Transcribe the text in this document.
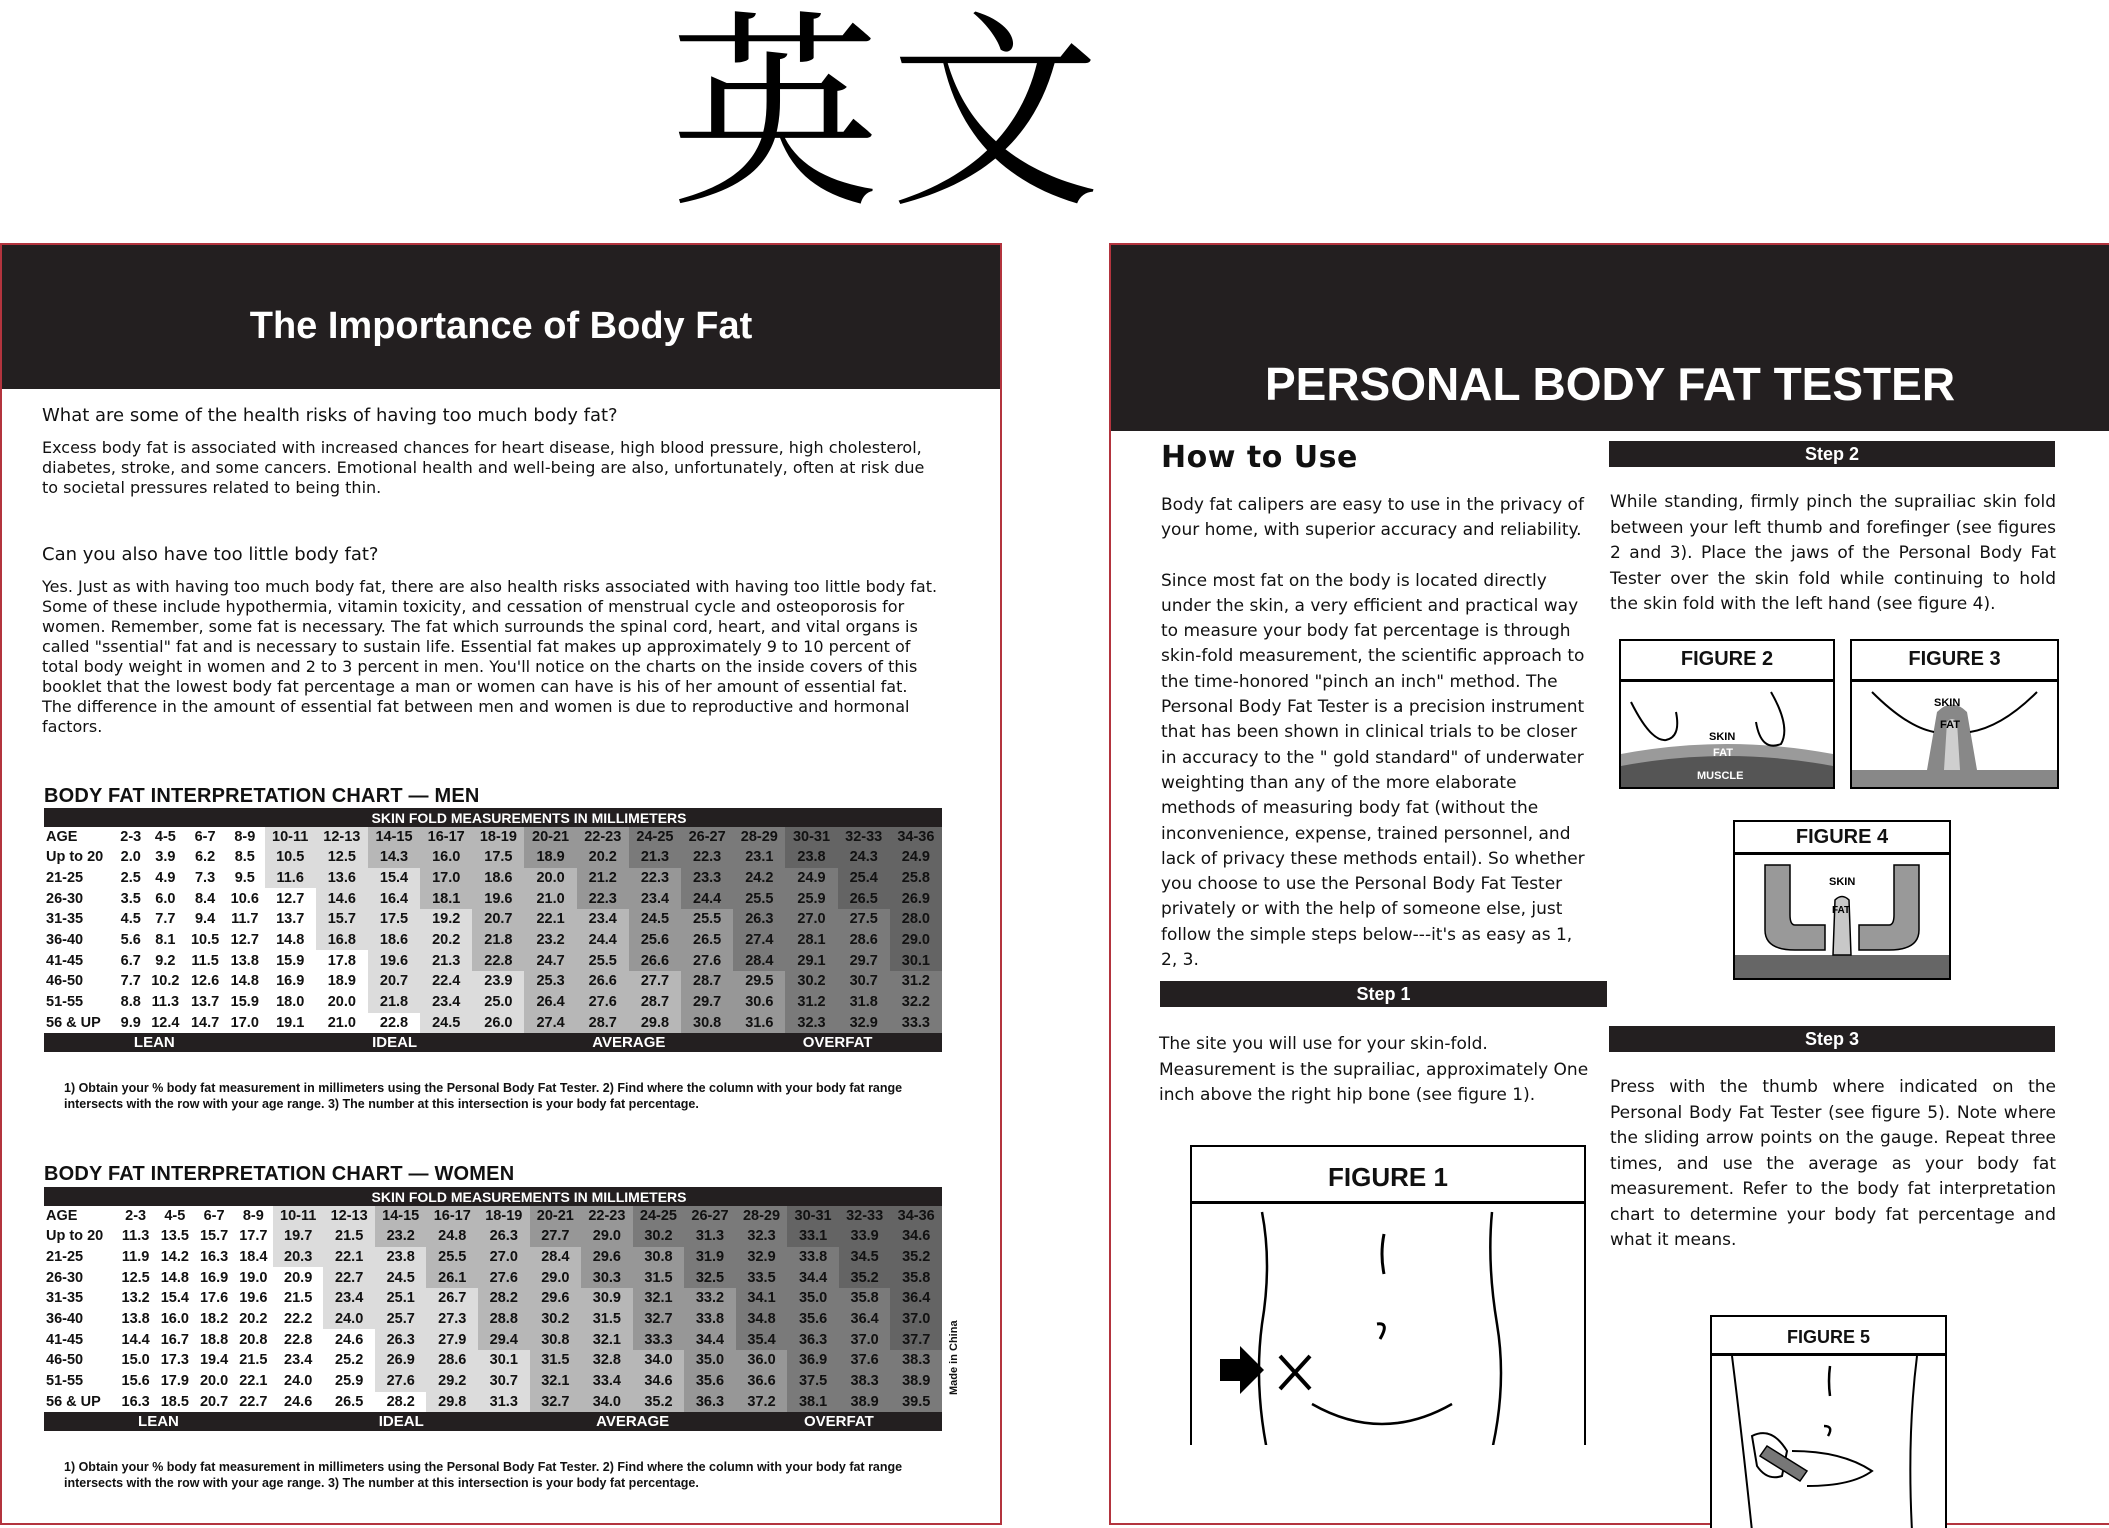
英文
The Importance of Body Fat

What are some of the health risks of having too much body fat?

Excess body fat is associated with increased chances for heart disease, high blood pressure, high cholesterol, diabetes, stroke, and some cancers. Emotional health and well-being are also, unfortunately, often at risk due to societal pressures related to being thin.

Can you also have too little body fat?

Yes. Just as with having too much body fat, there are also health risks associated with having too little body fat. Some of these include hypothermia, vitamin toxicity, and cessation of menstrual cycle and osteoporosis for women. Remember, some fat is necessary. The fat which surrounds the spinal cord, heart, and vital organs is called "ssential" fat and is necessary to sustain life. Essential fat makes up approximately 9 to 10 percent of total body weight in women and 2 to 3 percent in men. You'll notice on the charts on the inside covers of this booklet that the lowest body fat percentage a man or women can have is his of her amount of essential fat. The difference in the amount of essential fat between men and women is due to reproductive and hormonal factors.

BODY FAT INTERPRETATION CHART — MEN
	SKIN FOLD MEASUREMENTS IN MILLIMETERS																
AGE	2-3	4-5	6-7	8-9	10-11	12-13	14-15	16-17	18-19	20-21	22-23	24-25	26-27	28-29	30-31	32-33	34-36
Up to 20	2.0	3.9	6.2	8.5	10.5	12.5	14.3	16.0	17.5	18.9	20.2	21.3	22.3	23.1	23.8	24.3	24.9
21-25	2.5	4.9	7.3	9.5	11.6	13.6	15.4	17.0	18.6	20.0	21.2	22.3	23.3	24.2	24.9	25.4	25.8
26-30	3.5	6.0	8.4	10.6	12.7	14.6	16.4	18.1	19.6	21.0	22.3	23.4	24.4	25.5	25.9	26.5	26.9
31-35	4.5	7.7	9.4	11.7	13.7	15.7	17.5	19.2	20.7	22.1	23.4	24.5	25.5	26.3	27.0	27.5	28.0
36-40	5.6	8.1	10.5	12.7	14.8	16.8	18.6	20.2	21.8	23.2	24.4	25.6	26.5	27.4	28.1	28.6	29.0
41-45	6.7	9.2	11.5	13.8	15.9	17.8	19.6	21.3	22.8	24.7	25.5	26.6	27.6	28.4	29.1	29.7	30.1
46-50	7.7	10.2	12.6	14.8	16.9	18.9	20.7	22.4	23.9	25.3	26.6	27.7	28.7	29.5	30.2	30.7	31.2
51-55	8.8	11.3	13.7	15.9	18.0	20.0	21.8	23.4	25.0	26.4	27.6	28.7	29.7	30.6	31.2	31.8	32.2
56 & UP	9.9	12.4	14.7	17.0	19.1	21.0	22.8	24.5	26.0	27.4	28.7	29.8	30.8	31.6	32.3	32.9	33.3
LEAN					IDEAL					AVERAGE				OVERFAT			
1) Obtain your % body fat measurement in millimeters using the Personal Body Fat Tester. 2) Find where the column with your body fat range intersects with the row with your age range. 3) The number at this intersection is your body fat percentage.
BODY FAT INTERPRETATION CHART — WOMEN
	SKIN FOLD MEASUREMENTS IN MILLIMETERS																
AGE	2-3	4-5	6-7	8-9	10-11	12-13	14-15	16-17	18-19	20-21	22-23	24-25	26-27	28-29	30-31	32-33	34-36
Up to 20	11.3	13.5	15.7	17.7	19.7	21.5	23.2	24.8	26.3	27.7	29.0	30.2	31.3	32.3	33.1	33.9	34.6
21-25	11.9	14.2	16.3	18.4	20.3	22.1	23.8	25.5	27.0	28.4	29.6	30.8	31.9	32.9	33.8	34.5	35.2
26-30	12.5	14.8	16.9	19.0	20.9	22.7	24.5	26.1	27.6	29.0	30.3	31.5	32.5	33.5	34.4	35.2	35.8
31-35	13.2	15.4	17.6	19.6	21.5	23.4	25.1	26.7	28.2	29.6	30.9	32.1	33.2	34.1	35.0	35.8	36.4
36-40	13.8	16.0	18.2	20.2	22.2	24.0	25.7	27.3	28.8	30.2	31.5	32.7	33.8	34.8	35.6	36.4	37.0
41-45	14.4	16.7	18.8	20.8	22.8	24.6	26.3	27.9	29.4	30.8	32.1	33.3	34.4	35.4	36.3	37.0	37.7
46-50	15.0	17.3	19.4	21.5	23.4	25.2	26.9	28.6	30.1	31.5	32.8	34.0	35.0	36.0	36.9	37.6	38.3
51-55	15.6	17.9	20.0	22.1	24.0	25.9	27.6	29.2	30.7	32.1	33.4	34.6	35.6	36.6	37.5	38.3	38.9
56 & UP	16.3	18.5	20.7	22.7	24.6	26.5	28.2	29.8	31.3	32.7	34.0	35.2	36.3	37.2	38.1	38.9	39.5
LEAN					IDEAL					AVERAGE				OVERFAT			
1) Obtain your % body fat measurement in millimeters using the Personal Body Fat Tester. 2) Find where the column with your body fat range intersects with the row with your age range. 3) The number at this intersection is your body fat percentage.
Made in China
PERSONAL BODY FAT TESTER
How to Use

Body fat calipers are easy to use in the privacy of your home, with superior accuracy and reliability.

Since most fat on the body is located directly under the skin, a very efficient and practical way to measure your body fat percentage is through skin-fold measurement, the scientific approach to the time-honored "pinch an inch" method. The Personal Body Fat Tester is a precision instrument that has been shown in clinical trials to be closer in accuracy to the " gold standard" of underwater weighting than any of the more elaborate methods of measuring body fat (without the inconvenience, expense, trained personnel, and lack of privacy these methods entail). So whether you choose to use the Personal Body Fat Tester privately or with the help of someone else, just follow the simple steps below---it's as easy as 1, 2, 3.

Step 2
While standing, firmly pinch the suprailiac skin fold between your left thumb and forefinger (see figures 2 and 3). Place the jaws of the Personal Body Fat Tester over the skin fold while continuing to hold the skin fold with the left hand (see figure 4).
Step 1
The site you will use for your skin-fold. Measurement is the suprailiac, approximately One inch above the right hip bone (see figure 1).
Step 3
Press with the thumb where indicated on the Personal Body Fat Tester (see figure 5). Note where the sliding arrow points on the gauge. Repeat three times, and use the average as your body fat measurement. Refer to the body fat interpretation chart to determine your body fat percentage and what it means.
FIGURE 2
SKIN
FAT
MUSCLE
FIGURE 3
SKIN
FAT
FIGURE 4
SKIN
FAT
FIGURE 1
FIGURE 5
